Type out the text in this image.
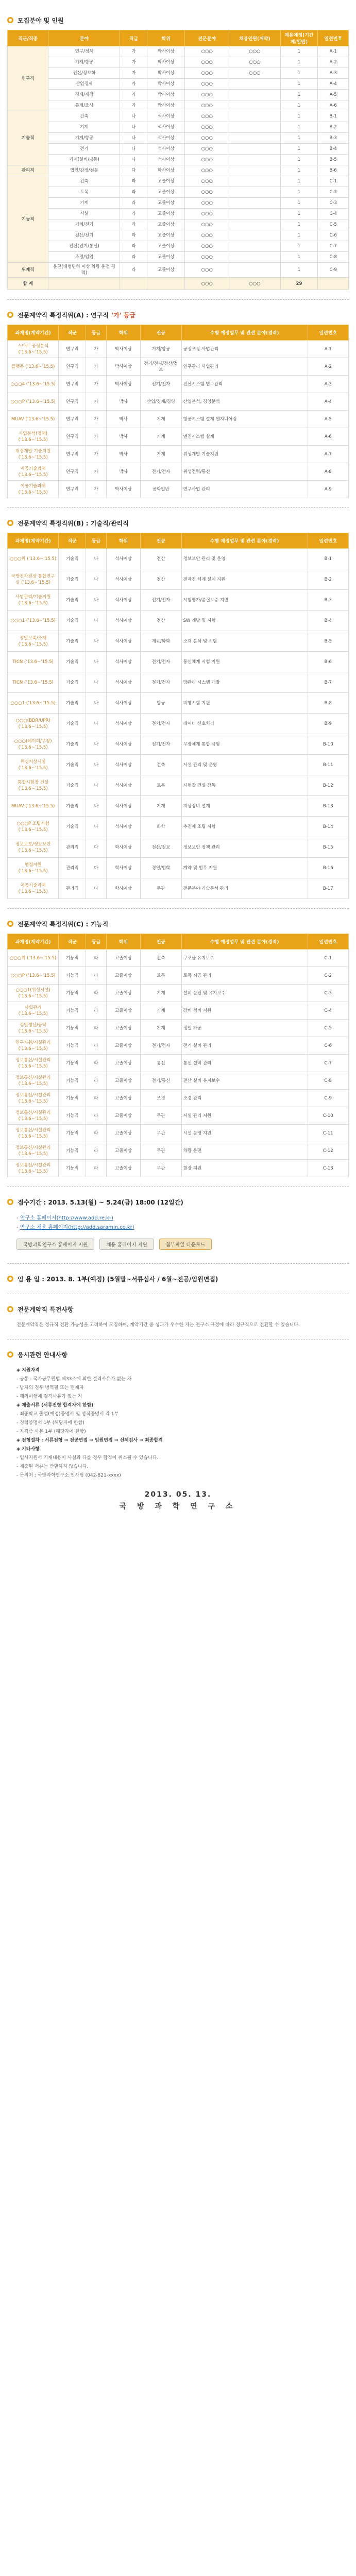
모집분야 및 인원
직군/직종	분야	직급	학위	전문분야	채용인원(계약)	채용예정(기간제/일반)	일련번호
연구직	연구/정책	가	박사이상	○○○	○○○	1	A-1
	기계/항공	가	박사이상	○○○	○○○	1	A-2
	전산/정보화	가	박사이상	○○○	○○○	1	A-3
	산업경제	가	박사이상	○○○		1	A-4
	경제/재정	가	박사이상	○○○		1	A-5
	통계/조사	가	박사이상	○○○		1	A-6
기술직	건축	나	석사이상	○○○		1	B-1
	기계	나	석사이상	○○○		1	B-2
	기계/항공	나	석사이상	○○○		1	B-3
	전기	나	석사이상	○○○		1	B-4
	기계(설비/냉동)	나	석사이상	○○○		1	B-5
관리직	법인/감정/전문	다	학사이상	○○○		1	B-6
기능직	건축	라	고졸이상	○○○		1	C-1
	토목	라	고졸이상	○○○		1	C-2
	기계	라	고졸이상	○○○		1	C-3
	시설	라	고졸이상	○○○		1	C-4
	기계/전기	라	고졸이상	○○○		1	C-5
	전산/전기	라	고졸이상	○○○		1	C-6
	전산(전기/통신)	라	고졸이상	○○○		1	C-7
	조경/임업	라	고졸이상	○○○		1	C-8
위계직	운전(대형면허 이상 차량 운전 경력)	라	고졸이상	○○○		1	C-9
합 계				○○○	○○○	29	
전문계약직 특정직위(A) : 연구직 '가' 등급
과제명(계약기간)	직군	등급	학위	전공	수행 예정업무 및 관련 분야(경력)	일련번호
스마트 공정분석 (’13.6~’15.5)	연구직	가	박사이상	기계/항공	공정조정 사업관리	A-1
플랫폼 (’13.6~’15.5)	연구직	가	박사이상	전기/전자/전산/정보	연구관리 사업관리	A-2
○○○4 (’13.6~’15.5)	연구직	가	박사이상	전기/전자	전산시스템 연구관리	A-3
○○○P (’13.6~’15.5)	연구직	가	박사	산업/경제/경영	산업분석, 경영분석	A-4
MUAV (’13.6~’15.5)	연구직	가	박사	기계	항공시스템 설계 엔지니어링	A-5
사업분석(정책) (’13.6~’15.5)	연구직	가	박사	기계	엔진시스템 설계	A-6
위성개발 기술지원 (’13.6~’15.5)	연구직	가	박사	기계	위성개발 기술지원	A-7
이공기술과제 (’13.6~’15.5)	연구직	가	박사	전기/전자	위성전력/통신	A-8
이공기술과제 (’13.6~’15.5)	연구직	가	박사이상	공학일반	연구사업 관리	A-9
전문계약직 특정직위(B) : 기술직/관리직
과제명(계약기간)	직군	등급	학위	전공	수행 예정업무 및 관련 분야(경력)	일련번호
○○○위 (’13.6~’15.5)	기술직	나	석사이상	전산	정보보안 관리 및 운영	B-1
국방전자전장 통합연구실 (’13.6~’15.5)	기술직	나	석사이상	전산	전자전 체계 설계 지원	B-2
사업관리/기술지원 (’13.6~’15.5)	기술직	나	석사이상	전기/전자	시험평가/품질보증 지원	B-3
○○○1 (’13.6~’15.5)	기술직	나	석사이상	전산	SW 개발 및 시험	B-4
정밀고속/소재 (’13.6~’15.5)	기술직	나	석사이상	재료/화학	소재 분석 및 시험	B-5
TICN (’13.6~’15.5)	기술직	나	석사이상	전기/전자	통신체계 시험 지원	B-6
TICN (’13.6~’15.5)	기술직	나	석사이상	전기/전자	망관리 시스템 개발	B-7
○○○1 (’13.6~’15.5)	기술직	나	석사이상	항공	비행시험 지원	B-8
○○○(BDR/UPR) (’13.6~’15.5)	기술직	나	석사이상	전기/전자	레이더 신호처리	B-9
○○○(레이더/무장) (’13.6~’15.5)	기술직	나	석사이상	전기/전자	무장체계 통합 시험	B-10
위성지상시설 (’13.6~’15.5)	기술직	나	석사이상	건축	시설 관리 및 운영	B-11
통합시험장 건설 (’13.6~’15.5)	기술직	나	석사이상	토목	시험장 건설 감독	B-12
MUAV (’13.6~’15.5)	기술직	나	석사이상	기계	지상장비 설계	B-13
○○○P 조립시험 (’13.6~’15.5)	기술직	나	석사이상	화학	추진제 조립 시험	B-14
정보보호/정보보안 (’13.6~’15.5)	관리직	다	학사이상	전산/정보	정보보안 정책 관리	B-15
행정지원 (’13.6~’15.5)	관리직	다	학사이상	경영/법학	계약 및 법무 지원	B-16
이공기술과제 (’13.6~’15.5)	관리직	다	학사이상	무관	전문분야 기술문서 관리	B-17
전문계약직 특정직위(C) : 기능직
과제명(계약기간)	직군	등급	학위	전공	수행 예정업무 및 관련 분야(경력)	일련번호
○○○위 (’13.6~’15.5)	기능직	라	고졸이상	건축	구조물 유지보수	C-1
○○○P (’13.6~’15.5)	기능직	라	고졸이상	토목	토목 시공 관리	C-2
○○○1(위성시설) (’13.6~’15.5)	기능직	라	고졸이상	기계	설비 운전 및 유지보수	C-3
사업관리 (’13.6~’15.5)	기능직	라	고졸이상	기계	장비 정비 지원	C-4
정밀생산/공작 (’13.6~’15.5)	기능직	라	고졸이상	기계	정밀 가공	C-5
연구지원/시설관리 (’13.6~’15.5)	기능직	라	고졸이상	전기/전자	전기 설비 관리	C-6
정보통신/시설관리 (’13.6~’15.5)	기능직	라	고졸이상	통신	통신 설비 관리	C-7
정보통신/시설관리 (’13.6~’15.5)	기능직	라	고졸이상	전기/통신	전산 설비 유지보수	C-8
정보통신/시설관리 (’13.6~’15.5)	기능직	라	고졸이상	조경	조경 관리	C-9
정보통신/시설관리 (’13.6~’15.5)	기능직	라	고졸이상	무관	시설 관리 지원	C-10
정보통신/시설관리 (’13.6~’15.5)	기능직	라	고졸이상	무관	시설 운영 지원	C-11
정보통신/시설관리 (’13.6~’15.5)	기능직	라	고졸이상	무관	차량 운전	C-12
정보통신/시설관리 (’13.6~’15.5)	기능직	라	고졸이상	무관	현장 지원	C-13
접수기간 : 2013. 5.13(월) ~ 5.24(금) 18:00 (12일간)
- 연구소 홈페이지(http://www.add.re.kr)
- 연구소 채용 홈페이지(http://add.saramin.co.kr)
국방과학연구소 홈페이지 지원	채용 홈페이지 지원	첨부파일 다운로드
임 용 일 : 2013. 8. 1부(예정) (5월말~서류심사 / 6월~전공/임원면접)
전문계약직 특전사항
전문계약직은 정규직 전환 가능성을 고려하여 모집하며, 계약기간 중 성과가 우수한 자는 연구소 규정에 따라 정규직으로 전환할 수 있습니다.
응시관련 안내사항
◈ 지원자격
- 공통 : 국가공무원법 제33조에 의한 결격사유가 없는 자
- 남자의 경우 병역필 또는 면제자
- 해외여행에 결격사유가 없는 자
◈ 제출서류 (서류전형 합격자에 한함)
- 최종학교 졸업(예정)증명서 및 성적증명서 각 1부
- 경력증명서 1부 (해당자에 한함)
- 자격증 사본 1부 (해당자에 한함)
◈ 전형절차 : 서류전형 → 전공면접 → 임원면접 → 신체검사 → 최종합격
◈ 기타사항
- 입사지원서 기재내용이 사실과 다를 경우 합격이 취소될 수 있습니다.
- 제출된 서류는 반환하지 않습니다.
- 문의처 : 국방과학연구소 인사팀 (042-821-xxxx)
2013. 05. 13.
국 방 과 학 연 구 소
